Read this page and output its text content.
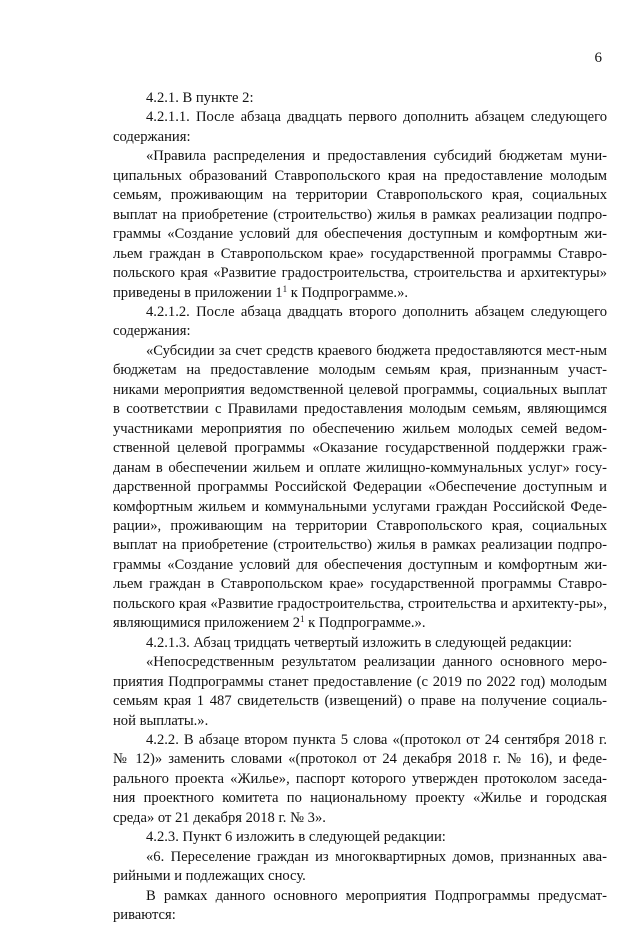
6

4.2.1. В пункте 2:

4.2.1.1. После абзаца двадцать первого дополнить абзацем следующего содержания:

«Правила распределения и предоставления субсидий бюджетам муни-ципальных образований Ставропольского края на предоставление молодым семьям, проживающим на территории Ставропольского края, социальных выплат на приобретение (строительство) жилья в рамках реализации подпро-граммы «Создание условий для обеспечения доступным и комфортным жи-льем граждан в Ставропольском крае» государственной программы Ставро-польского края «Развитие градостроительства, строительства и архитектуры» приведены в приложении $1^1$ к Подпрограмме.».

4.2.1.2. После абзаца двадцать второго дополнить абзацем следующего содержания:

«Субсидии за счет средств краевого бюджета предоставляются мест-ным бюджетам на предоставление молодым семьям края, признанным участ-никами мероприятия ведомственной целевой программы, социальных выплат в соответствии с Правилами предоставления молодым семьям, являющимся участниками мероприятия по обеспечению жильем молодых семей ведом-ственной целевой программы «Оказание государственной поддержки граж-данам в обеспечении жильем и оплате жилищно-коммунальных услуг» госу-дарственной программы Российской Федерации «Обеспечение доступным и комфортным жильем и коммунальными услугами граждан Российской Феде-рации», проживающим на территории Ставропольского края, социальных выплат на приобретение (строительство) жилья в рамках реализации подпро-граммы «Создание условий для обеспечения доступным и комфортным жи-льем граждан в Ставропольском крае» государственной программы Ставро-польского края «Развитие градостроительства, строительства и архитекту-ры», являющимися приложением $2^1$ к Подпрограмме.».

4.2.1.3. Абзац тридцать четвертый изложить в следующей редакции:

«Непосредственным результатом реализации данного основного меро-приятия Подпрограммы станет предоставление (с 2019 по 2022 год) молодым семьям края 1 487 свидетельств (извещений) о праве на получение социаль-ной выплаты.».

4.2.2. В абзаце втором пункта 5 слова «(протокол от 24 сентября 2018 г. № 12)» заменить словами «(протокол от 24 декабря 2018 г. № 16), и феде-рального проекта «Жилье», паспорт которого утвержден протоколом заседа-ния проектного комитета по национальному проекту «Жилье и городская среда» от 21 декабря 2018 г. № 3».

4.2.3. Пункт 6 изложить в следующей редакции:

«6. Переселение граждан из многоквартирных домов, признанных ава-рийными и подлежащих сносу.

В рамках данного основного мероприятия Подпрограммы предусмат-риваются:
